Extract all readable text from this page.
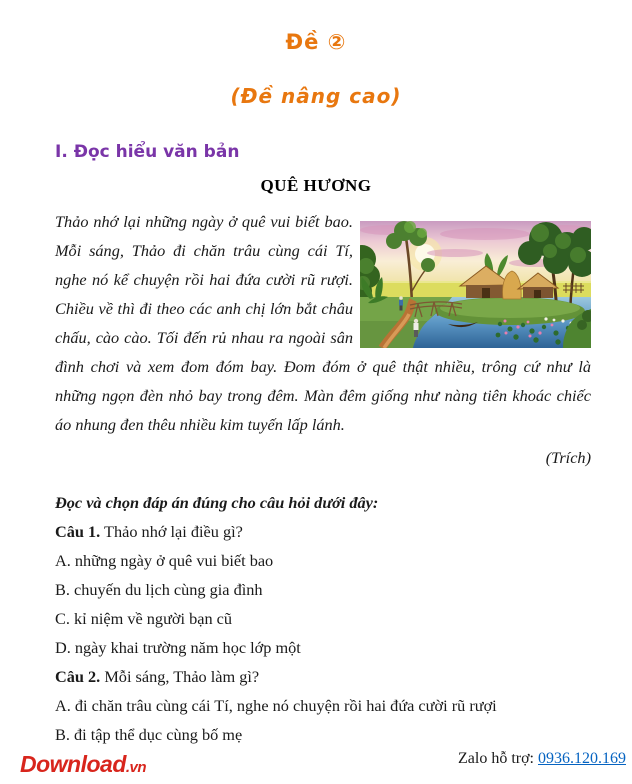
Đề ②
(Đề nâng cao)
I. Đọc hiểu văn bản
QUÊ HƯƠNG
Thảo nhớ lại những ngày ở quê vui biết bao. Mỗi sáng, Thảo đi chăn trâu cùng cái Tí, nghe nó kể chuyện rồi hai đứa cười rũ rượi. Chiều về thì đi theo các anh chị lớn bắt châu chấu, cào cào. Tối đến rủ nhau ra ngoài sân đình chơi và xem đom đóm bay. Đom đóm ở quê thật nhiều, trông cứ như là những ngọn đèn nhỏ bay trong đêm. Màn đêm giống như nàng tiên khoác chiếc áo nhung đen thêu nhiều kim tuyến lấp lánh.
(Trích)
Đọc và chọn đáp án đúng cho câu hỏi dưới đây:
Câu 1. Thảo nhớ lại điều gì?
A. những ngày ở quê vui biết bao
B. chuyến du lịch cùng gia đình
C. kỉ niệm về người bạn cũ
D. ngày khai trường năm học lớp một
Câu 2. Mỗi sáng, Thảo làm gì?
A. đi chăn trâu cùng cái Tí, nghe nó chuyện rồi hai đứa cười rũ rượi
B. đi tập thể dục cùng bố mẹ
Download.vn
Zalo hỗ trợ: 0936.120.169
